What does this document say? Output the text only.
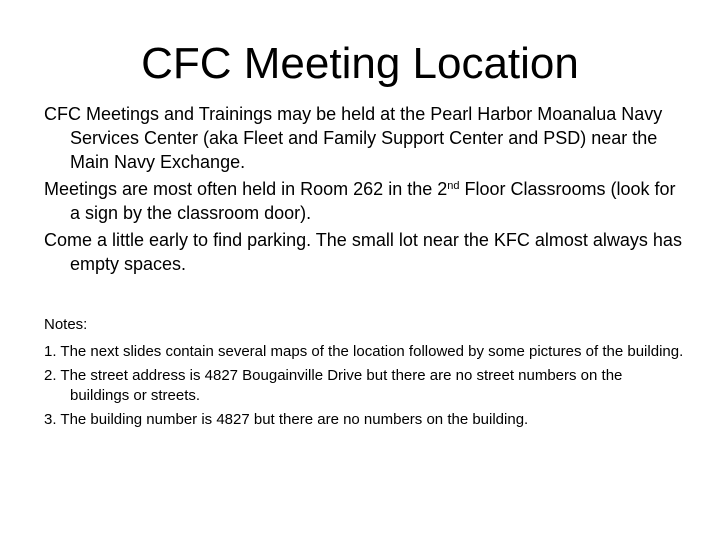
CFC Meeting Location

CFC Meetings and Trainings may be held at the Pearl Harbor Moanalua Navy Services Center (aka Fleet and Family Support Center and PSD) near the Main Navy Exchange.

Meetings are most often held in Room 262 in the 2nd Floor Classrooms (look for a sign by the classroom door).

Come a little early to find parking. The small lot near the KFC almost always has empty spaces.

Notes:

1. The next slides contain several maps of the location followed by some pictures of the building.

2. The street address is 4827 Bougainville Drive but there are no street numbers on the buildings or streets.

3. The building number is 4827 but there are no numbers on the building.
